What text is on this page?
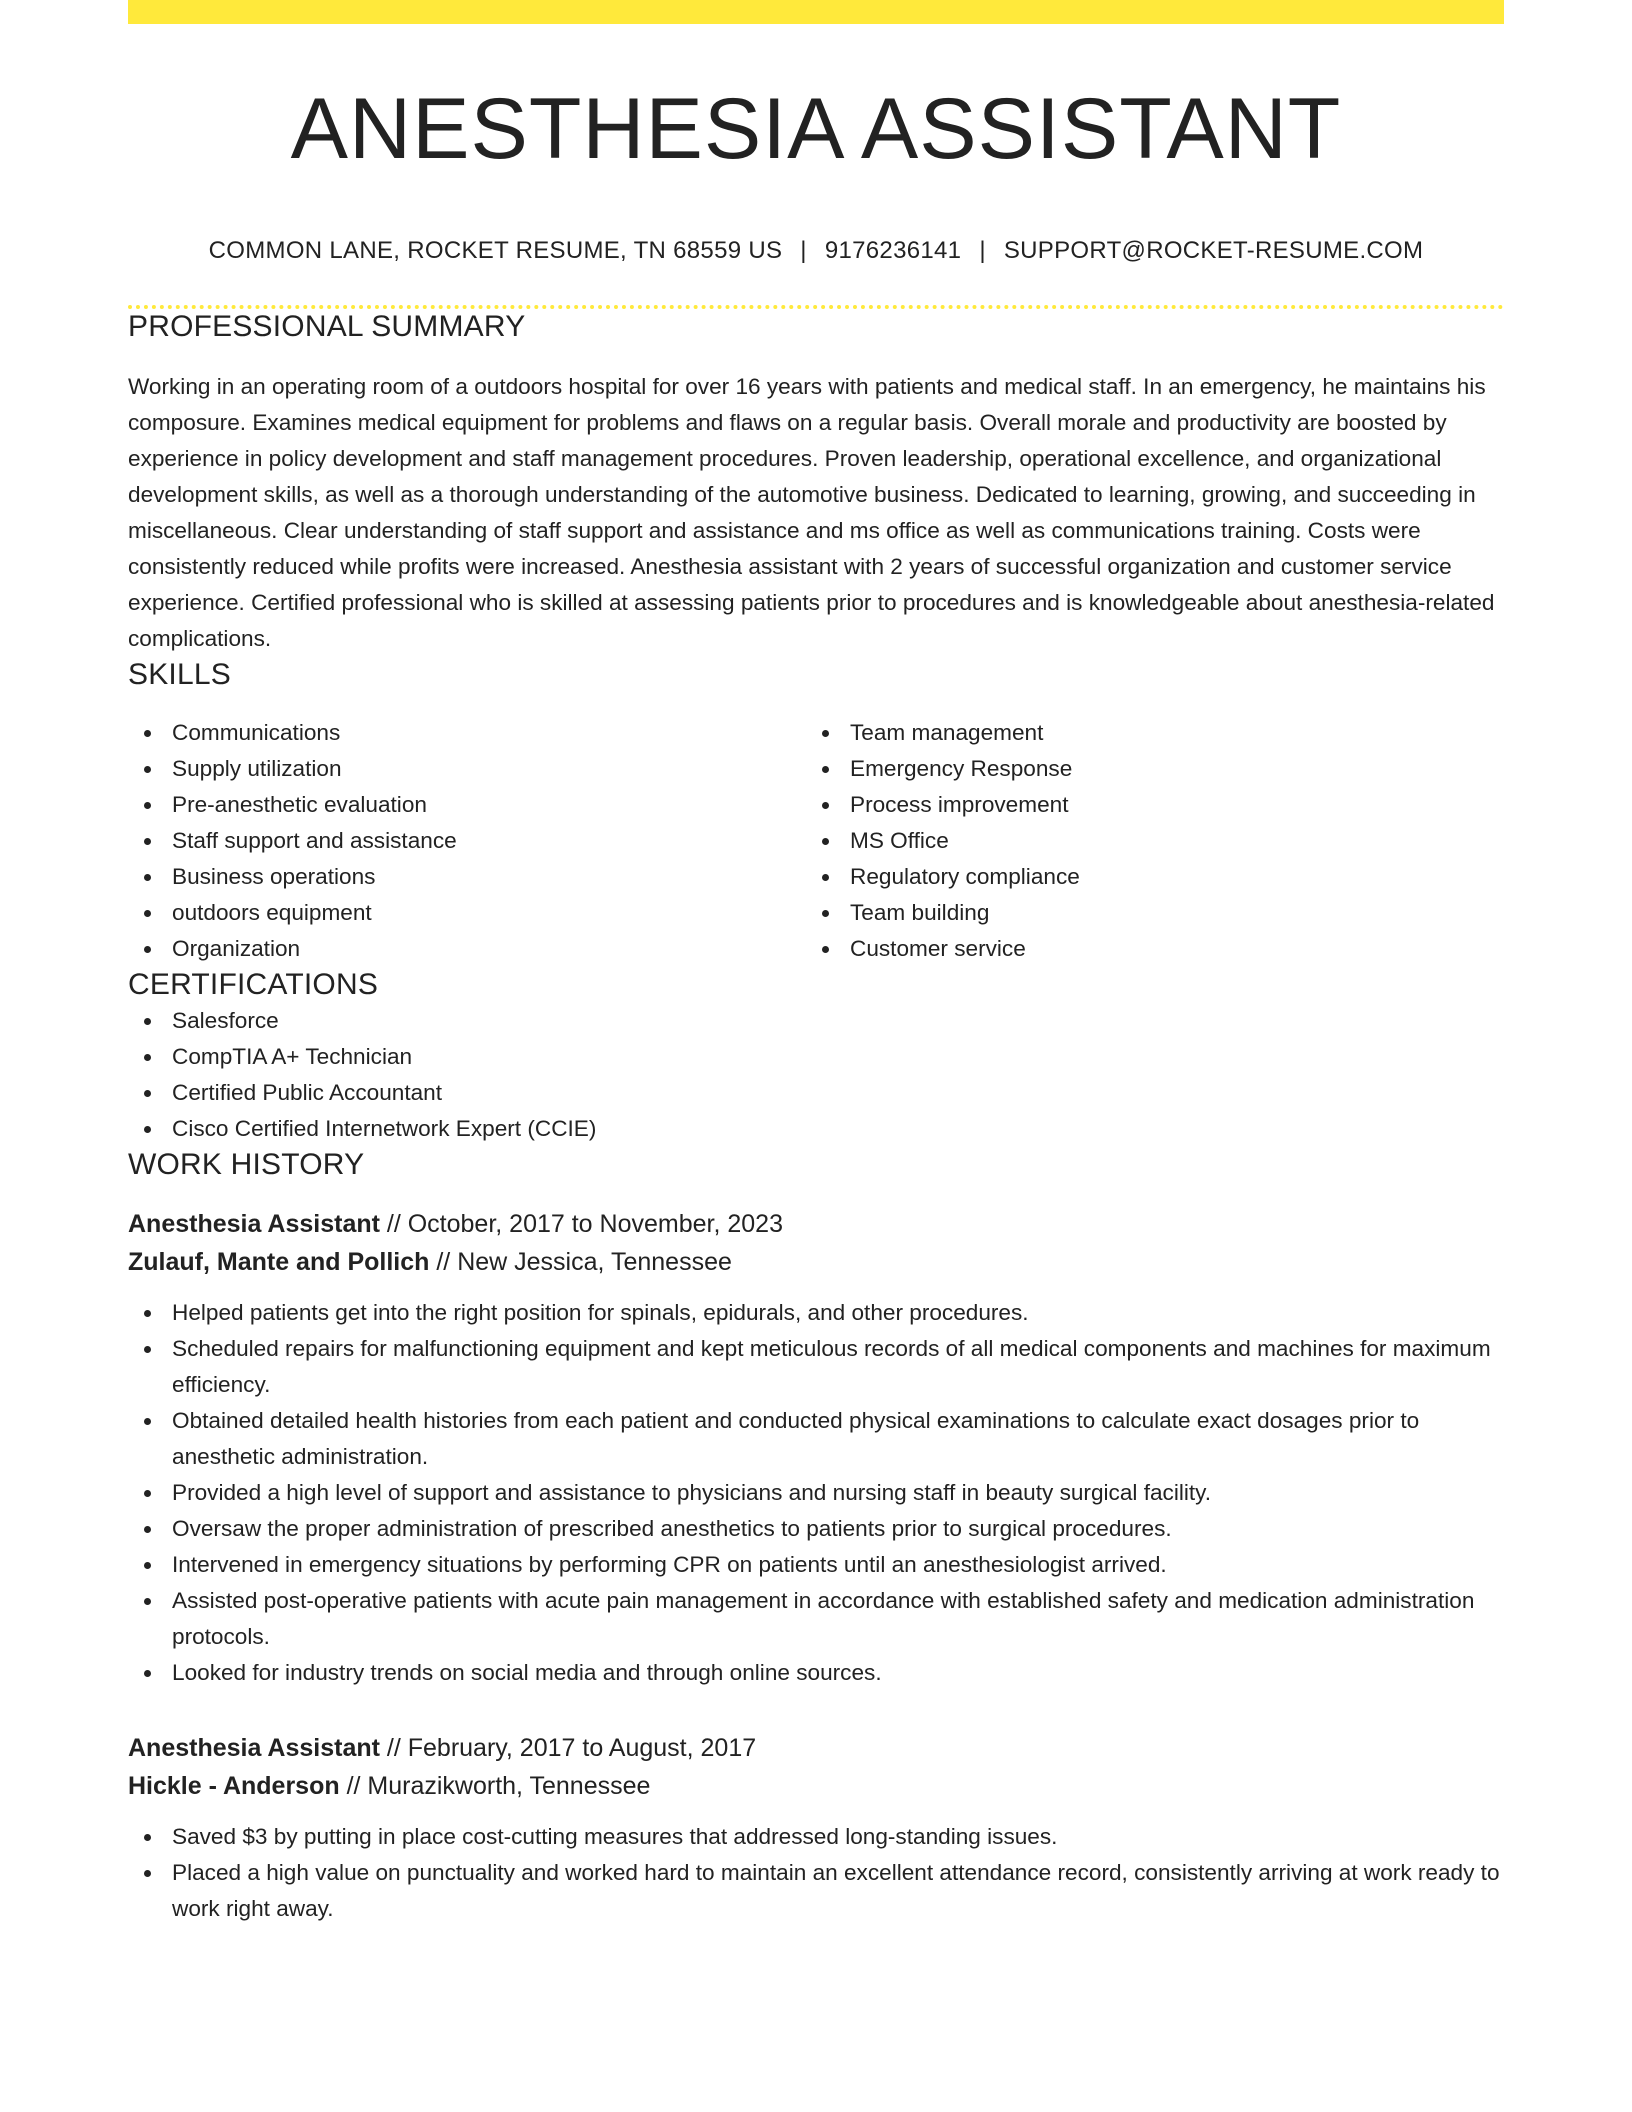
ANESTHESIA ASSISTANT
COMMON LANE, ROCKET RESUME, TN 68559 US | 9176236141 | SUPPORT@ROCKET-RESUME.COM
PROFESSIONAL SUMMARY
Working in an operating room of a outdoors hospital for over 16 years with patients and medical staff. In an emergency, he maintains his composure. Examines medical equipment for problems and flaws on a regular basis. Overall morale and productivity are boosted by experience in policy development and staff management procedures. Proven leadership, operational excellence, and organizational development skills, as well as a thorough understanding of the automotive business. Dedicated to learning, growing, and succeeding in miscellaneous. Clear understanding of staff support and assistance and ms office as well as communications training. Costs were consistently reduced while profits were increased. Anesthesia assistant with 2 years of successful organization and customer service experience. Certified professional who is skilled at assessing patients prior to procedures and is knowledgeable about anesthesia-related complications.
SKILLS
Communications
Supply utilization
Pre-anesthetic evaluation
Staff support and assistance
Business operations
outdoors equipment
Organization
Team management
Emergency Response
Process improvement
MS Office
Regulatory compliance
Team building
Customer service
CERTIFICATIONS
Salesforce
CompTIA A+ Technician
Certified Public Accountant
Cisco Certified Internetwork Expert (CCIE)
WORK HISTORY
Anesthesia Assistant // October, 2017 to November, 2023
Zulauf, Mante and Pollich // New Jessica, Tennessee
Helped patients get into the right position for spinals, epidurals, and other procedures.
Scheduled repairs for malfunctioning equipment and kept meticulous records of all medical components and machines for maximum efficiency.
Obtained detailed health histories from each patient and conducted physical examinations to calculate exact dosages prior to anesthetic administration.
Provided a high level of support and assistance to physicians and nursing staff in beauty surgical facility.
Oversaw the proper administration of prescribed anesthetics to patients prior to surgical procedures.
Intervened in emergency situations by performing CPR on patients until an anesthesiologist arrived.
Assisted post-operative patients with acute pain management in accordance with established safety and medication administration protocols.
Looked for industry trends on social media and through online sources.
Anesthesia Assistant // February, 2017 to August, 2017
Hickle - Anderson // Murazikworth, Tennessee
Saved $3 by putting in place cost-cutting measures that addressed long-standing issues.
Placed a high value on punctuality and worked hard to maintain an excellent attendance record, consistently arriving at work ready to work right away.
